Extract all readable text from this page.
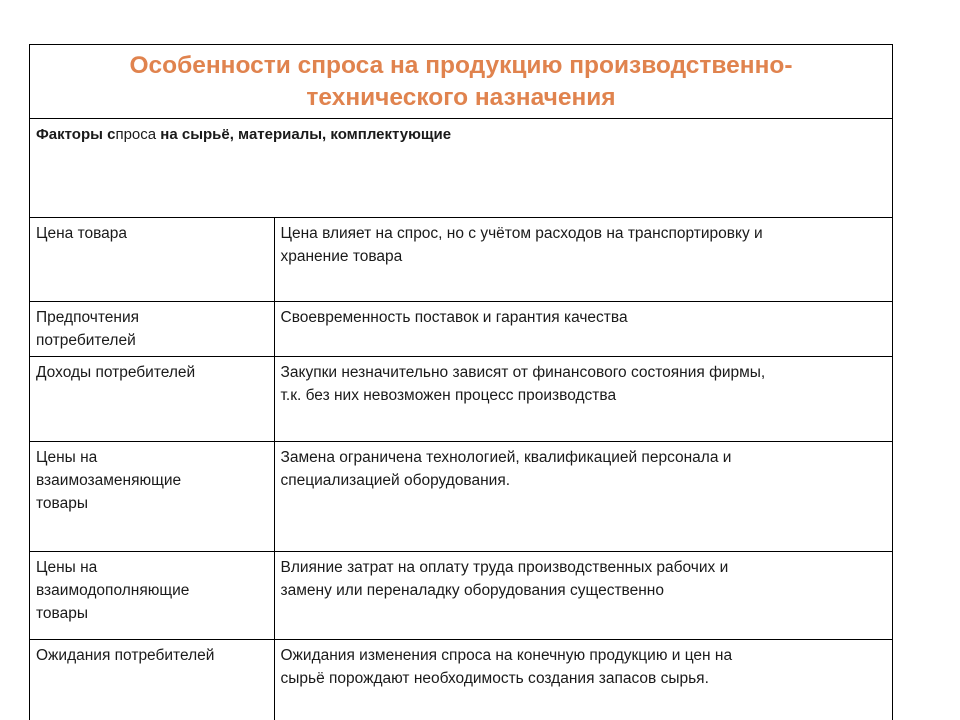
Особенности спроса на продукцию производственно-
технического назначения
Факторы спроса на сырьё, материалы, комплектующие
Цена товара	Цена влияет на спрос, но с учётом расходов на транспортировку и
хранение товара

Предпочтения
потребителей	Своевременность поставок и гарантия качества

Доходы потребителей	Закупки незначительно зависят от финансового состояния фирмы,
т.к. без них невозможен процесс производства

Цены на
взаимозаменяющие
товары	Замена ограничена технологией, квалификацией персонала и
специализацией оборудования.

Цены на
взаимодополняющие
товары	Влияние затрат на оплату труда производственных рабочих и
замену или переналадку оборудования существенно

Ожидания потребителей	Ожидания изменения спроса на конечную продукцию и цен на
сырьё порождают необходимость создания запасов сырья.
